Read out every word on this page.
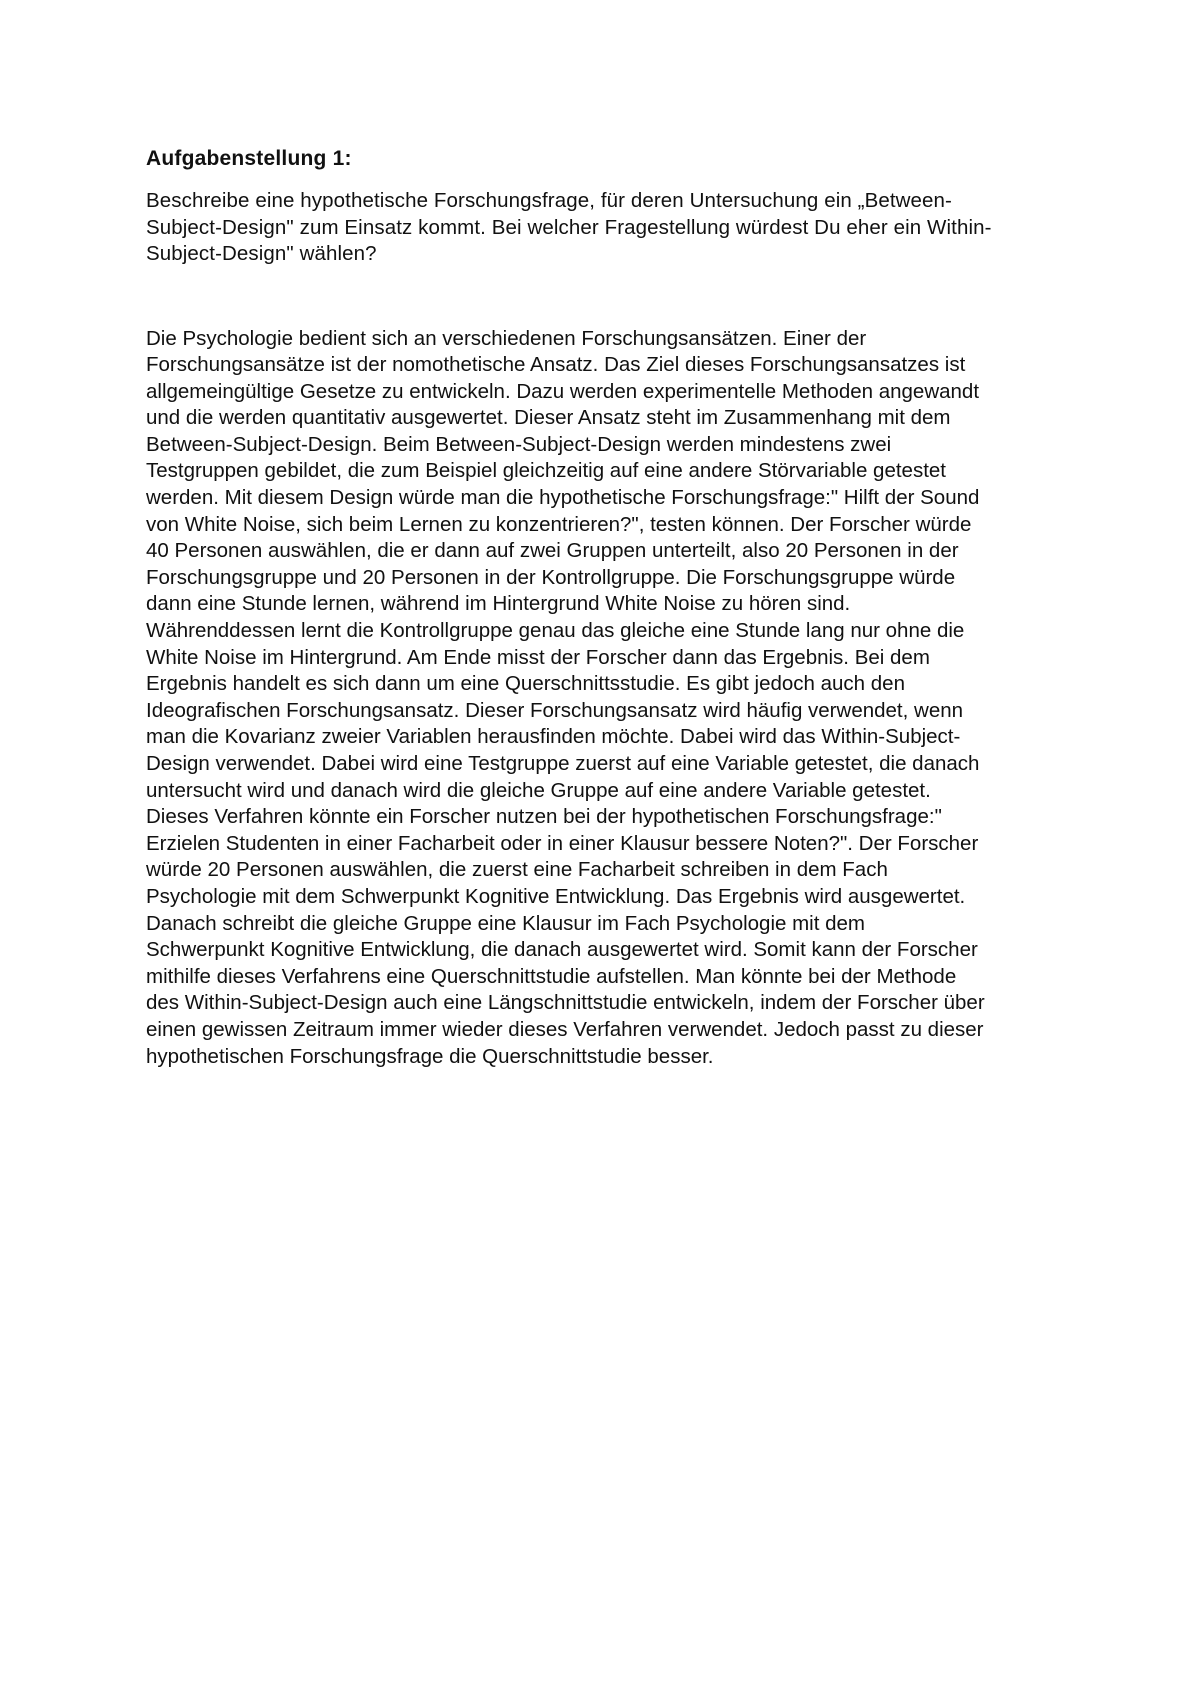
Aufgabenstellung 1:
Beschreibe eine hypothetische Forschungsfrage, für deren Untersuchung ein „Between-
Subject-Design" zum Einsatz kommt. Bei welcher Fragestellung würdest Du eher ein Within-
Subject-Design" wählen?
Die Psychologie bedient sich an verschiedenen Forschungsansätzen. Einer der
Forschungsansätze ist der nomothetische Ansatz. Das Ziel dieses Forschungsansatzes ist
allgemeingültige Gesetze zu entwickeln. Dazu werden experimentelle Methoden angewandt
und die werden quantitativ ausgewertet. Dieser Ansatz steht im Zusammenhang mit dem
Between-Subject-Design. Beim Between-Subject-Design werden mindestens zwei
Testgruppen gebildet, die zum Beispiel gleichzeitig auf eine andere Störvariable getestet
werden. Mit diesem Design würde man die hypothetische Forschungsfrage:" Hilft der Sound
von White Noise, sich beim Lernen zu konzentrieren?", testen können. Der Forscher würde
40 Personen auswählen, die er dann auf zwei Gruppen unterteilt, also 20 Personen in der
Forschungsgruppe und 20 Personen in der Kontrollgruppe. Die Forschungsgruppe würde
dann eine Stunde lernen, während im Hintergrund White Noise zu hören sind.
Währenddessen lernt die Kontrollgruppe genau das gleiche eine Stunde lang nur ohne die
White Noise im Hintergrund. Am Ende misst der Forscher dann das Ergebnis. Bei dem
Ergebnis handelt es sich dann um eine Querschnittsstudie. Es gibt jedoch auch den
Ideografischen Forschungsansatz. Dieser Forschungsansatz wird häufig verwendet, wenn
man die Kovarianz zweier Variablen herausfinden möchte. Dabei wird das Within-Subject-
Design verwendet. Dabei wird eine Testgruppe zuerst auf eine Variable getestet, die danach
untersucht wird und danach wird die gleiche Gruppe auf eine andere Variable getestet.
Dieses Verfahren könnte ein Forscher nutzen bei der hypothetischen Forschungsfrage:"
Erzielen Studenten in einer Facharbeit oder in einer Klausur bessere Noten?". Der Forscher
würde 20 Personen auswählen, die zuerst eine Facharbeit schreiben in dem Fach
Psychologie mit dem Schwerpunkt Kognitive Entwicklung. Das Ergebnis wird ausgewertet.
Danach schreibt die gleiche Gruppe eine Klausur im Fach Psychologie mit dem
Schwerpunkt Kognitive Entwicklung, die danach ausgewertet wird. Somit kann der Forscher
mithilfe dieses Verfahrens eine Querschnittstudie aufstellen. Man könnte bei der Methode
des Within-Subject-Design auch eine Längschnittstudie entwickeln, indem der Forscher über
einen gewissen Zeitraum immer wieder dieses Verfahren verwendet. Jedoch passt zu dieser
hypothetischen Forschungsfrage die Querschnittstudie besser.
